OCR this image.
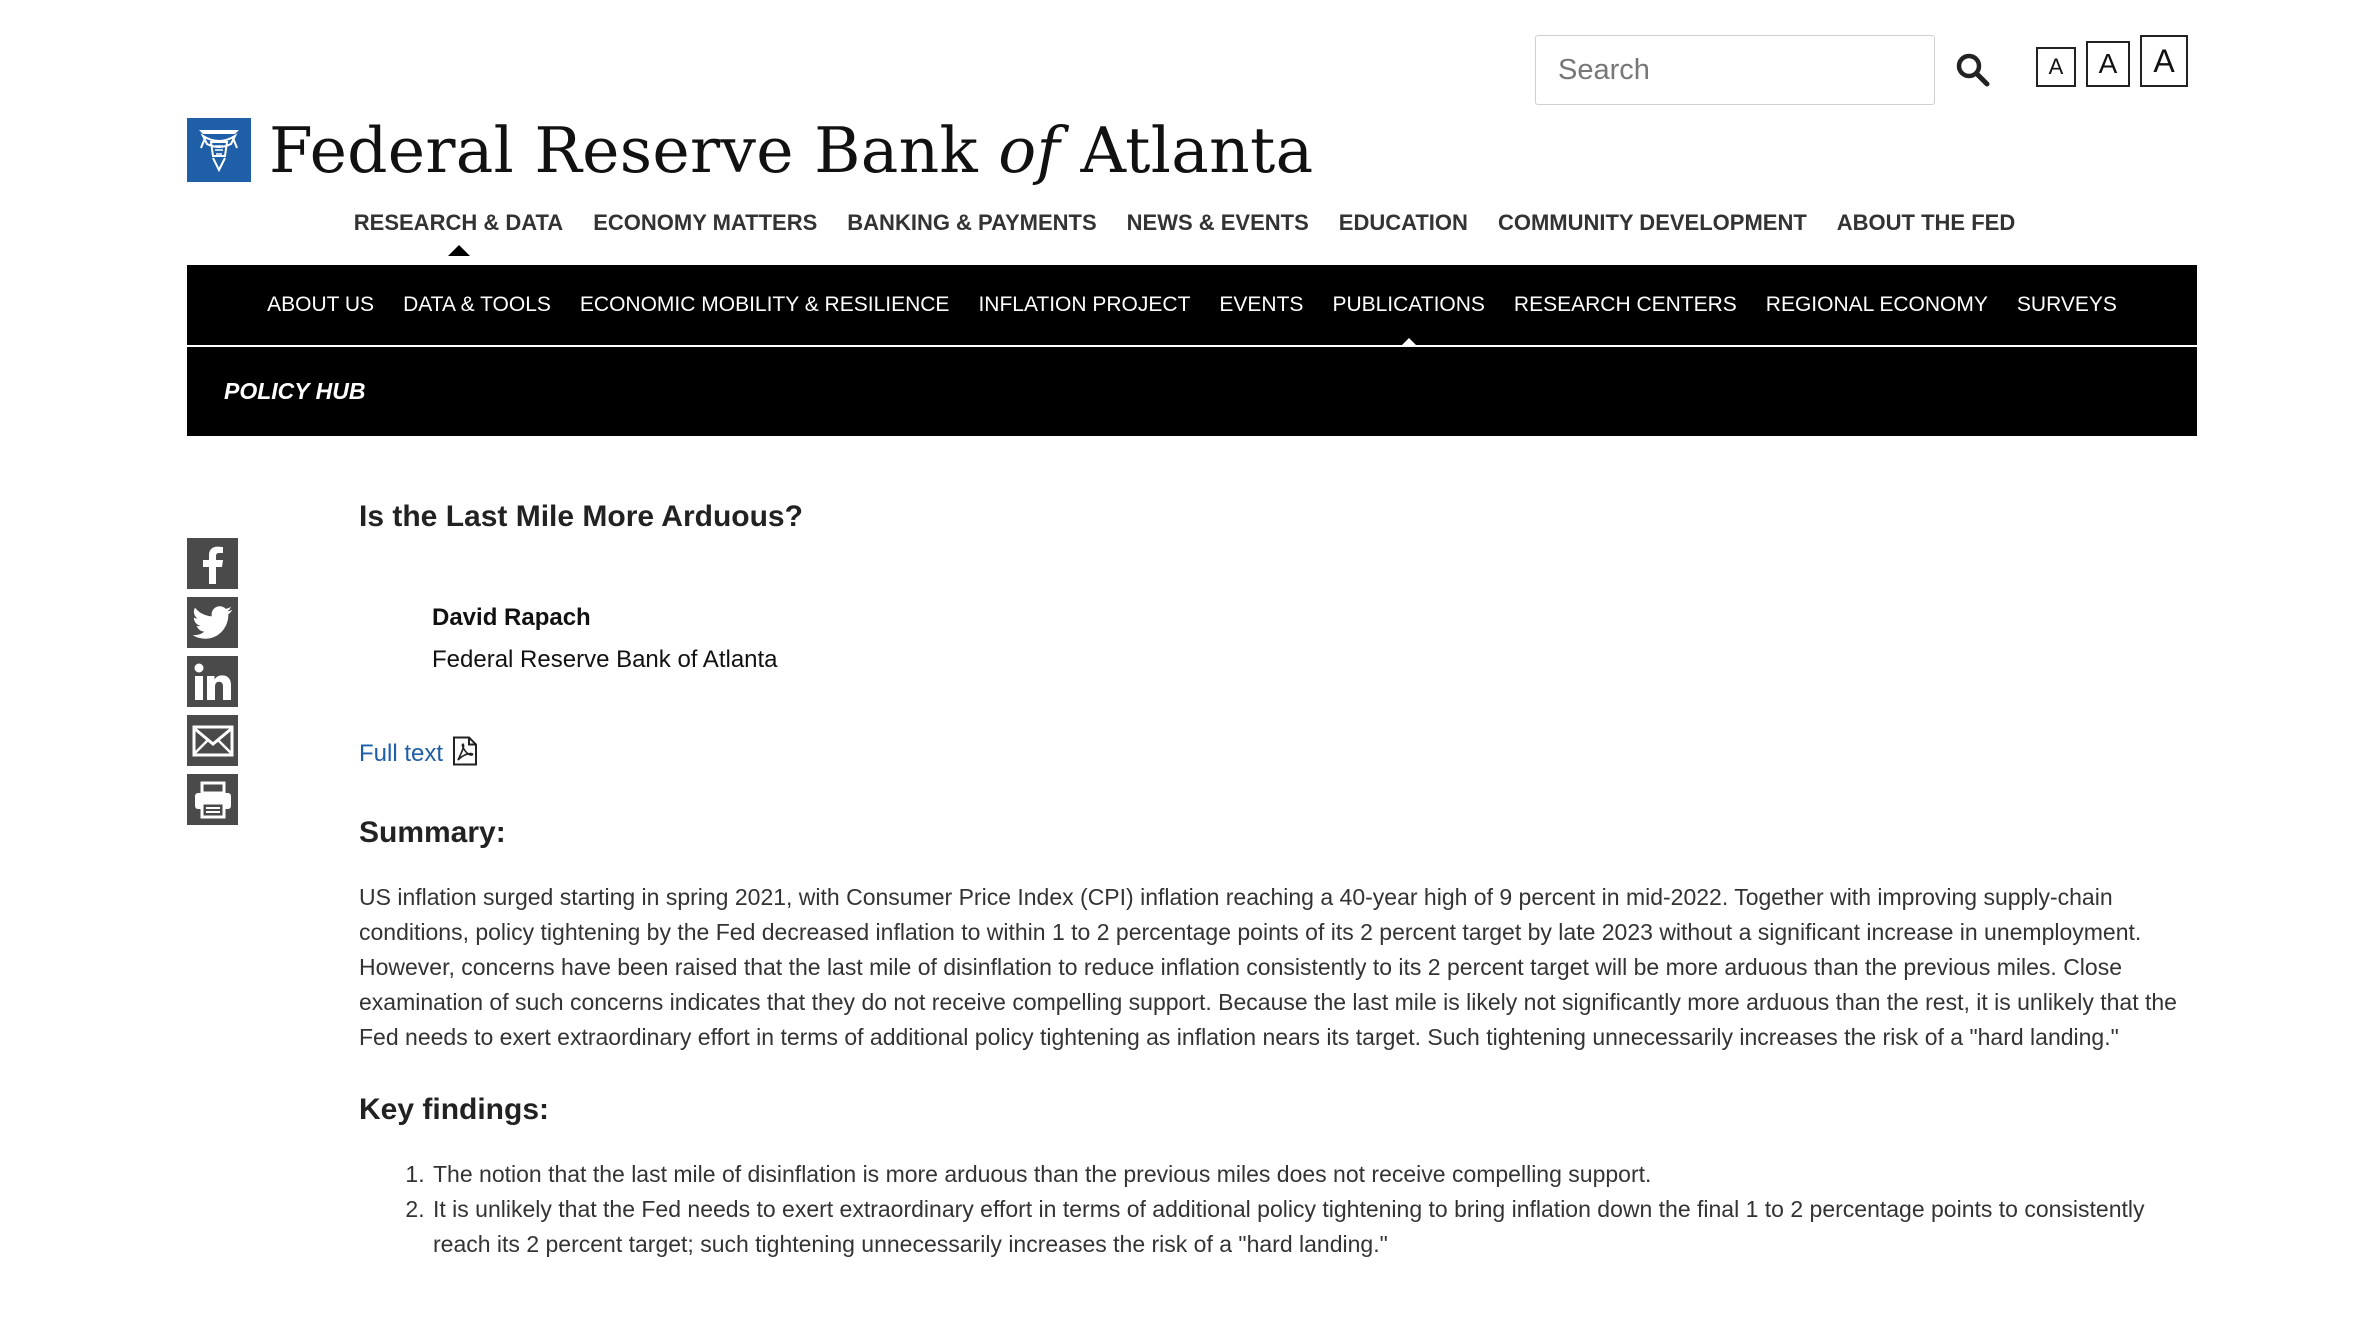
Search
A	A	A
Federal Reserve Bank of Atlanta
RESEARCH & DATA ECONOMY MATTERS BANKING & PAYMENTS NEWS & EVENTS EDUCATION COMMUNITY DEVELOPMENT ABOUT THE FED
ABOUT US DATA & TOOLS ECONOMIC MOBILITY & RESILIENCE INFLATION PROJECT EVENTS PUBLICATIONS RESEARCH CENTERS REGIONAL ECONOMY SURVEYS
POLICY HUB
Is the Last Mile More Arduous?
David Rapach
Federal Reserve Bank of Atlanta
Full text
Summary:

US inflation surged starting in spring 2021, with Consumer Price Index (CPI) inflation reaching a 40-year high of 9 percent in mid-2022. Together with improving supply-chain conditions, policy tightening by the Fed decreased inflation to within 1 to 2 percentage points of its 2 percent target by late 2023 without a significant increase in unemployment. However, concerns have been raised that the last mile of disinflation to reduce inflation consistently to its 2 percent target will be more arduous than the previous miles. Close examination of such concerns indicates that they do not receive compelling support. Because the last mile is likely not significantly more arduous than the rest, it is unlikely that the Fed needs to exert extraordinary effort in terms of additional policy tightening as inflation nears its target. Such tightening unnecessarily increases the risk of a "hard landing."

Key findings:
1. The notion that the last mile of disinflation is more arduous than the previous miles does not receive compelling support.
2. It is unlikely that the Fed needs to exert extraordinary effort in terms of additional policy tightening to bring inflation down the final 1 to 2 percentage points to consistently reach its 2 percent target; such tightening unnecessarily increases the risk of a "hard landing."
